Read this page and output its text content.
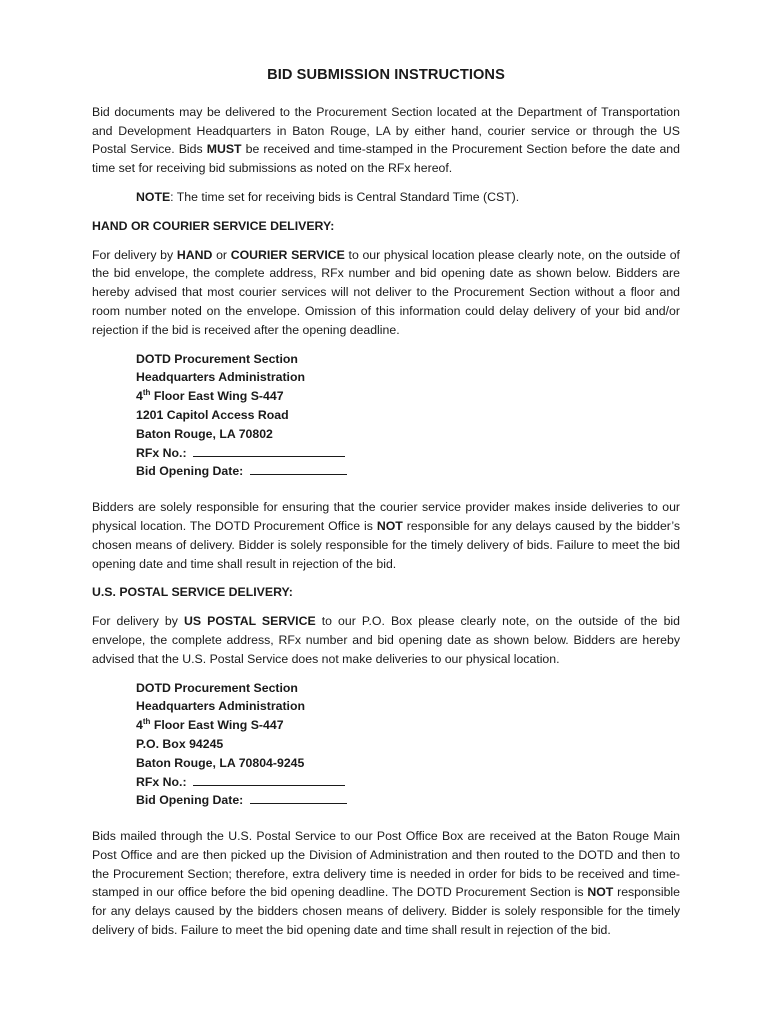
BID SUBMISSION INSTRUCTIONS

Bid documents may be delivered to the Procurement Section located at the Department of Transportation and Development Headquarters in Baton Rouge, LA by either hand, courier service or through the US Postal Service. Bids MUST be received and time-stamped in the Procurement Section before the date and time set for receiving bid submissions as noted on the RFx hereof.

NOTE: The time set for receiving bids is Central Standard Time (CST).

HAND OR COURIER SERVICE DELIVERY:

For delivery by HAND or COURIER SERVICE to our physical location please clearly note, on the outside of the bid envelope, the complete address, RFx number and bid opening date as shown below. Bidders are hereby advised that most courier services will not deliver to the Procurement Section without a floor and room number noted on the envelope. Omission of this information could delay delivery of your bid and/or rejection if the bid is received after the opening deadline.

DOTD Procurement Section
Headquarters Administration
4th Floor East Wing S-447
1201 Capitol Access Road
Baton Rouge, LA 70802
RFx No.:
Bid Opening Date:

Bidders are solely responsible for ensuring that the courier service provider makes inside deliveries to our physical location. The DOTD Procurement Office is NOT responsible for any delays caused by the bidder’s chosen means of delivery. Bidder is solely responsible for the timely delivery of bids. Failure to meet the bid opening date and time shall result in rejection of the bid.

U.S. POSTAL SERVICE DELIVERY:

For delivery by US POSTAL SERVICE to our P.O. Box please clearly note, on the outside of the bid envelope, the complete address, RFx number and bid opening date as shown below. Bidders are hereby advised that the U.S. Postal Service does not make deliveries to our physical location.

DOTD Procurement Section
Headquarters Administration
4th Floor East Wing S-447
P.O. Box 94245
Baton Rouge, LA 70804-9245
RFx No.:
Bid Opening Date:

Bids mailed through the U.S. Postal Service to our Post Office Box are received at the Baton Rouge Main Post Office and are then picked up the Division of Administration and then routed to the DOTD and then to the Procurement Section; therefore, extra delivery time is needed in order for bids to be received and time-stamped in our office before the bid opening deadline. The DOTD Procurement Section is NOT responsible for any delays caused by the bidders chosen means of delivery. Bidder is solely responsible for the timely delivery of bids. Failure to meet the bid opening date and time shall result in rejection of the bid.
